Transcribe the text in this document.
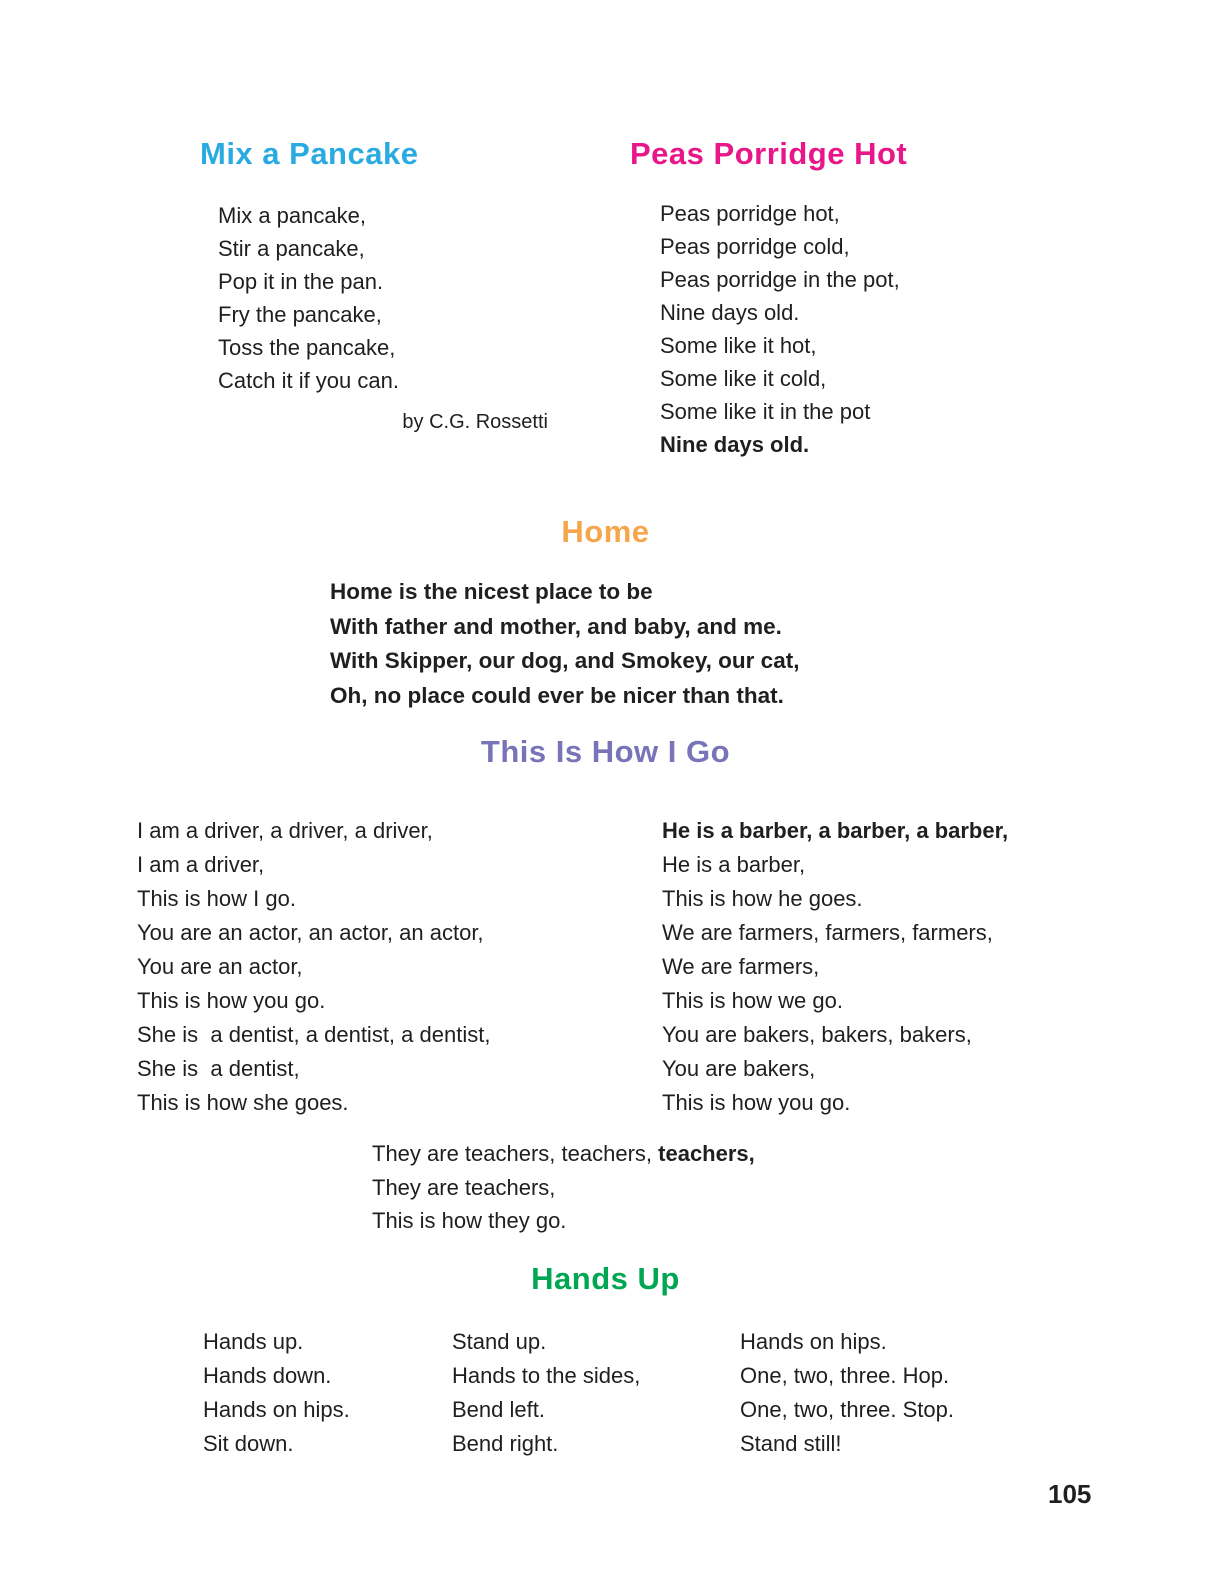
Mix a Pancake
Mix a pancake,
Stir a pancake,
Pop it in the pan.
Fry the pancake,
Toss the pancake,
Catch it if you can.
by C.G. Rossetti
Peas Porridge Hot
Peas porridge hot,
Peas porridge cold,
Peas porridge in the pot,
Nine days old.
Some like it hot,
Some like it cold,
Some like it in the pot
Nine days old.
Home
Home is the nicest place to be
With father and mother, and baby, and me.
With Skipper, our dog, and Smokey, our cat,
Oh, no place could ever be nicer than that.
This Is How I Go
I am a driver, a driver, a driver,
I am a driver,
This is how I go.
You are an actor, an actor, an actor,
You are an actor,
This is how you go.
She is  a dentist, a dentist, a dentist,
She is  a dentist,
This is how she goes.
He is a barber, a barber, a barber,
He is a barber,
This is how he goes.
We are farmers, farmers, farmers,
We are farmers,
This is how we go.
You are bakers, bakers, bakers,
You are bakers,
This is how you go.
They are teachers, teachers, teachers,
They are teachers,
This is how they go.
Hands Up
Hands up.
Hands down.
Hands on hips.
Sit down.
Stand up.
Hands to the sides,
Bend left.
Bend right.
Hands on hips.
One, two, three. Hop.
One, two, three. Stop.
Stand still!
105
